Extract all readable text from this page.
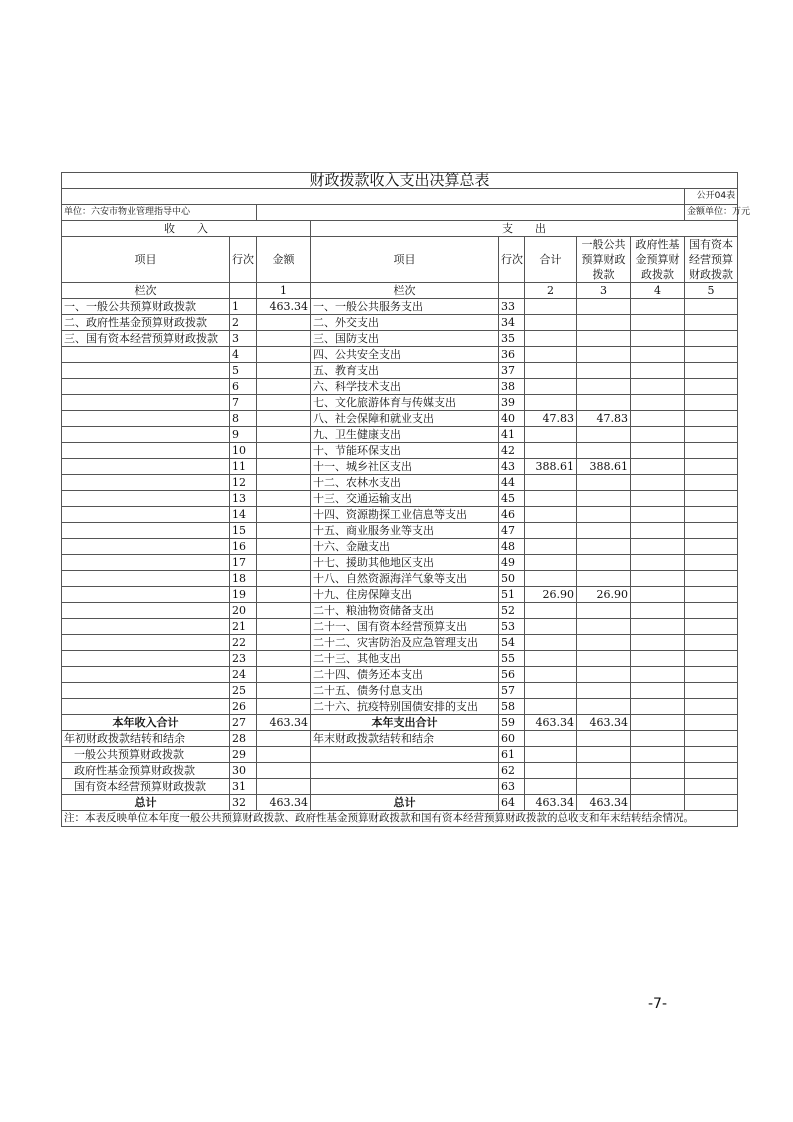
财政拨款收入支出决算总表								
								公开04表
单位：六安市物业管理指导中心								金额单位：万元
收　　入			支　　出					
项目	行次	金额	项目	行次	合计	一般公共预算财政拨款	政府性基金预算财政拨款	国有资本经营预算财政拨款
栏次		1	栏次		2	3	4	5
一、一般公共预算财政拨款	1	463.34	一、一般公共服务支出	33				
二、政府性基金预算财政拨款	2		二、外交支出	34				
三、国有资本经营预算财政拨款	3		三、国防支出	35				
	4		四、公共安全支出	36				
	5		五、教育支出	37				
	6		六、科学技术支出	38				
	7		七、文化旅游体育与传媒支出	39				
	8		八、社会保障和就业支出	40	47.83	47.83		
	9		九、卫生健康支出	41				
	10		十、节能环保支出	42				
	11		十一、城乡社区支出	43	388.61	388.61		
	12		十二、农林水支出	44				
	13		十三、交通运输支出	45				
	14		十四、资源勘探工业信息等支出	46				
	15		十五、商业服务业等支出	47				
	16		十六、金融支出	48				
	17		十七、援助其他地区支出	49				
	18		十八、自然资源海洋气象等支出	50				
	19		十九、住房保障支出	51	26.90	26.90		
	20		二十、粮油物资储备支出	52				
	21		二十一、国有资本经营预算支出	53				
	22		二十二、灾害防治及应急管理支出	54				
	23		二十三、其他支出	55				
	24		二十四、债务还本支出	56				
	25		二十五、债务付息支出	57				
	26		二十六、抗疫特别国债安排的支出	58				
本年收入合计	27	463.34	本年支出合计	59	463.34	463.34		
年初财政拨款结转和结余	28		年末财政拨款结转和结余	60				
一般公共预算财政拨款	29			61				
政府性基金预算财政拨款	30			62				
国有资本经营预算财政拨款	31			63				
总计	32	463.34	总计	64	463.34	463.34		
注：本表反映单位本年度一般公共预算财政拨款、政府性基金预算财政拨款和国有资本经营预算财政拨款的总收支和年末结转结余情况。								
-7-
